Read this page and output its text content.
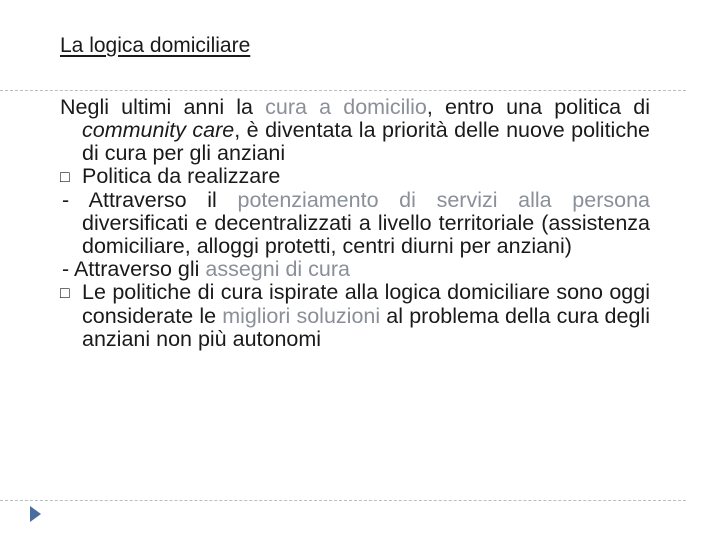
La logica domiciliare

Negli ultimi anni la cura a domicilio, entro una politica di community care, è diventata la priorità delle nuove politiche di cura per gli anziani

□ Politica da realizzare

- Attraverso il potenziamento di servizi alla persona diversificati e decentralizzati a livello territoriale (assistenza domiciliare, alloggi protetti, centri diurni per anziani)

- Attraverso gli assegni di cura

□ Le politiche di cura ispirate alla logica domiciliare sono oggi considerate le migliori soluzioni al problema della cura degli anziani non più autonomi
